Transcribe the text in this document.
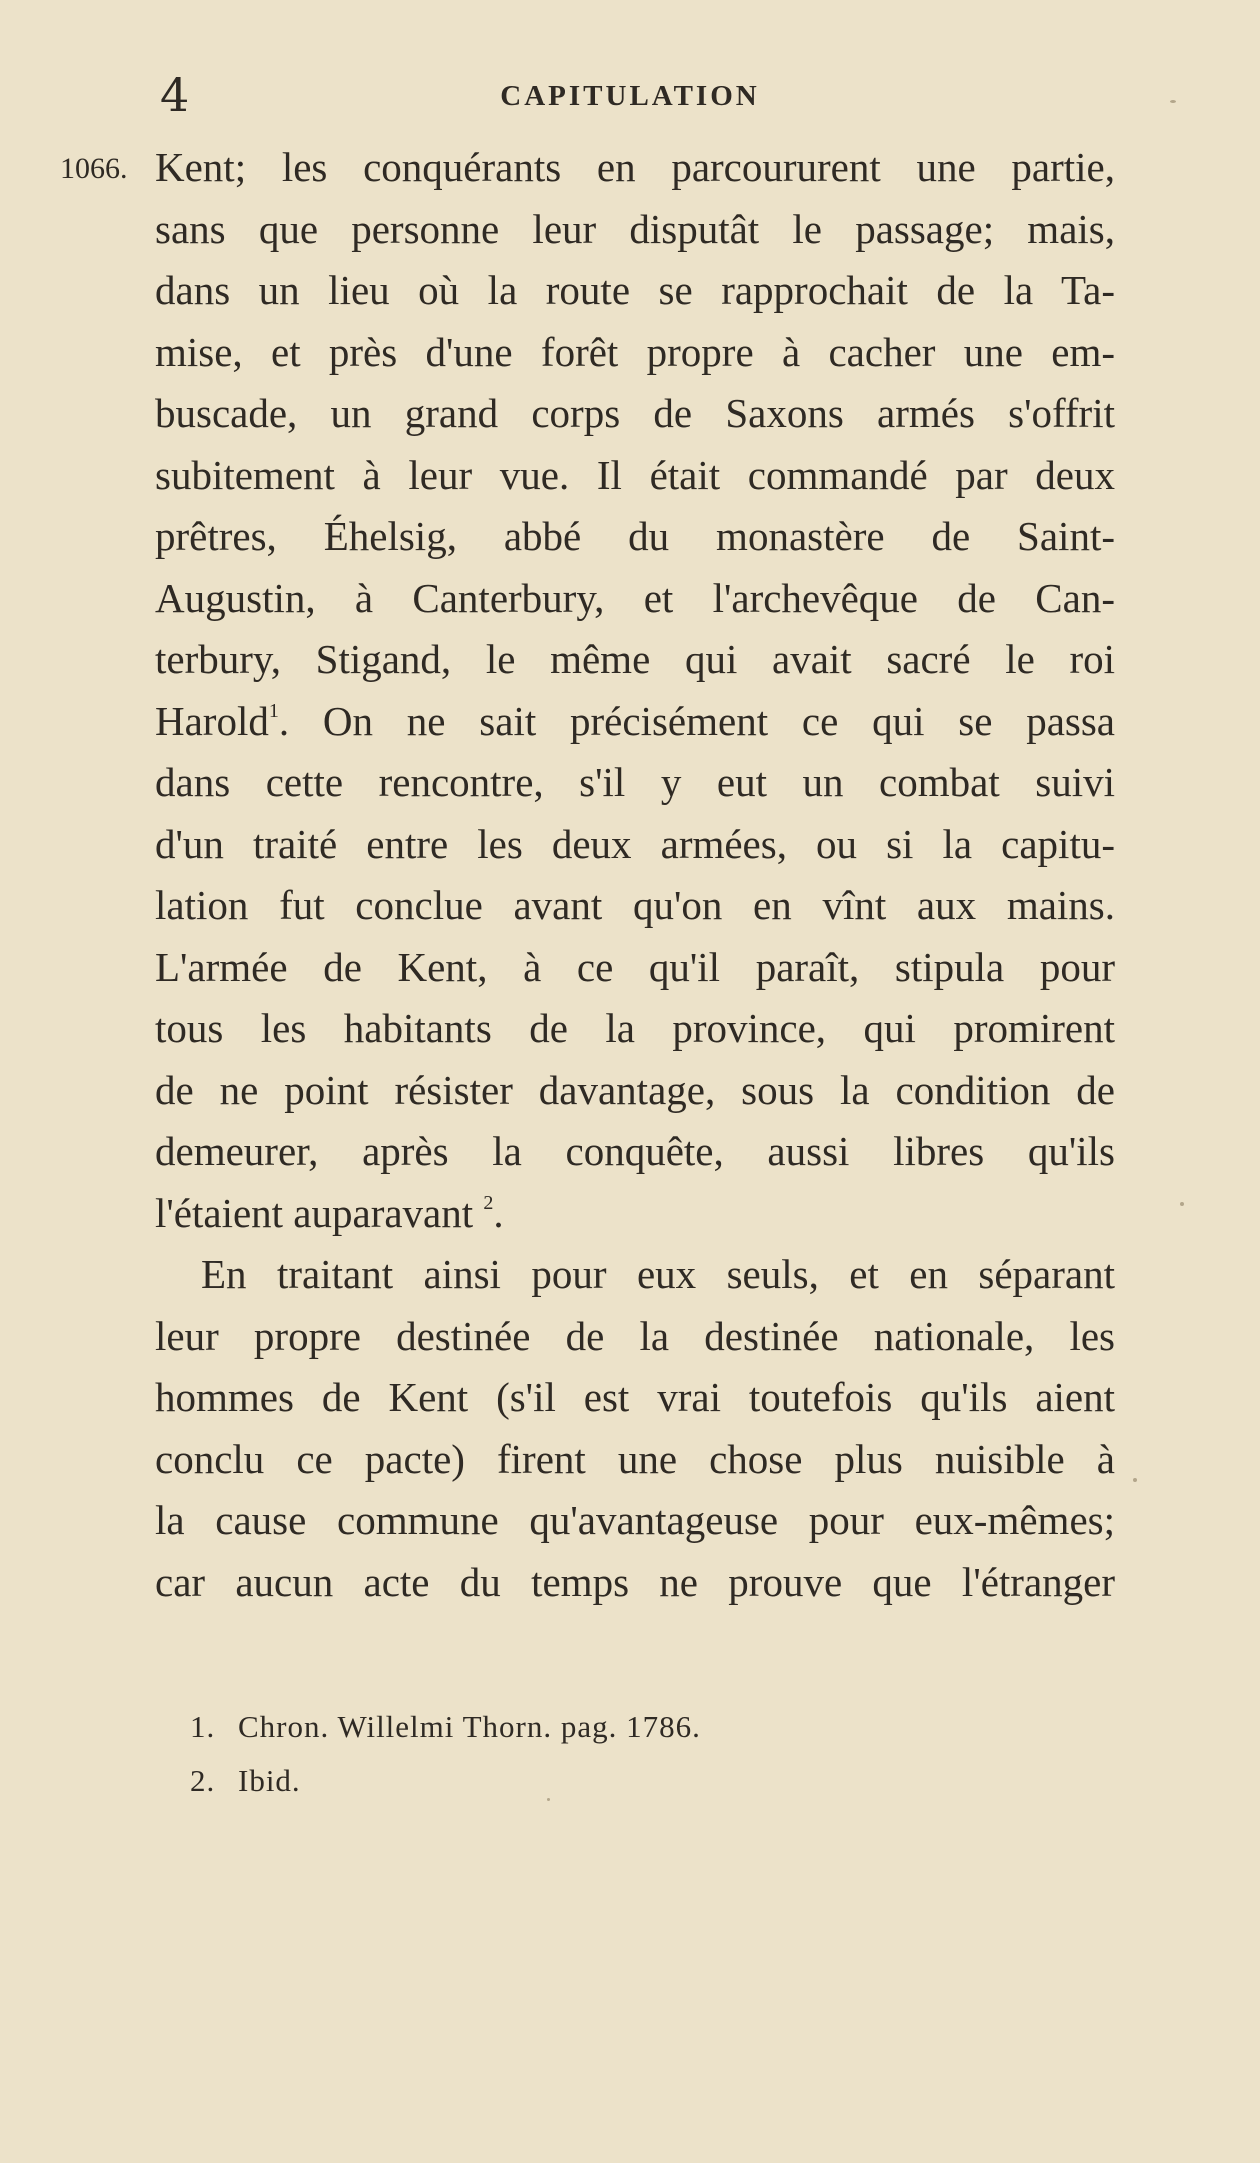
4	CAPITULATION
1066. Kent; les conquérants en parcoururent une partie,
sans que personne leur disputât le passage; mais,
dans un lieu où la route se rapprochait de la Ta-
mise, et près d'une forêt propre à cacher une em-
buscade, un grand corps de Saxons armés s'offrit
subitement à leur vue. Il était commandé par deux
prêtres, Éhelsig, abbé du monastère de Saint-
Augustin, à Canterbury, et l'archevêque de Can-
terbury, Stigand, le même qui avait sacré le roi
Harold$^1$. On ne sait précisément ce qui se passa
dans cette rencontre, s'il y eut un combat suivi
d'un traité entre les deux armées, ou si la capitu-
lation fut conclue avant qu'on en vînt aux mains.
L'armée de Kent, à ce qu'il paraît, stipula pour
tous les habitants de la province, qui promirent
de ne point résister davantage, sous la condition de
demeurer, après la conquête, aussi libres qu'ils
l'étaient auparavant $^2$.
En traitant ainsi pour eux seuls, et en séparant
leur propre destinée de la destinée nationale, les
hommes de Kent (s'il est vrai toutefois qu'ils aient
conclu ce pacte) firent une chose plus nuisible à
la cause commune qu'avantageuse pour eux-mêmes;
car aucun acte du temps ne prouve que l'étranger
1. Chron. Willelmi Thorn. pag. 1786.
2. Ibid.
